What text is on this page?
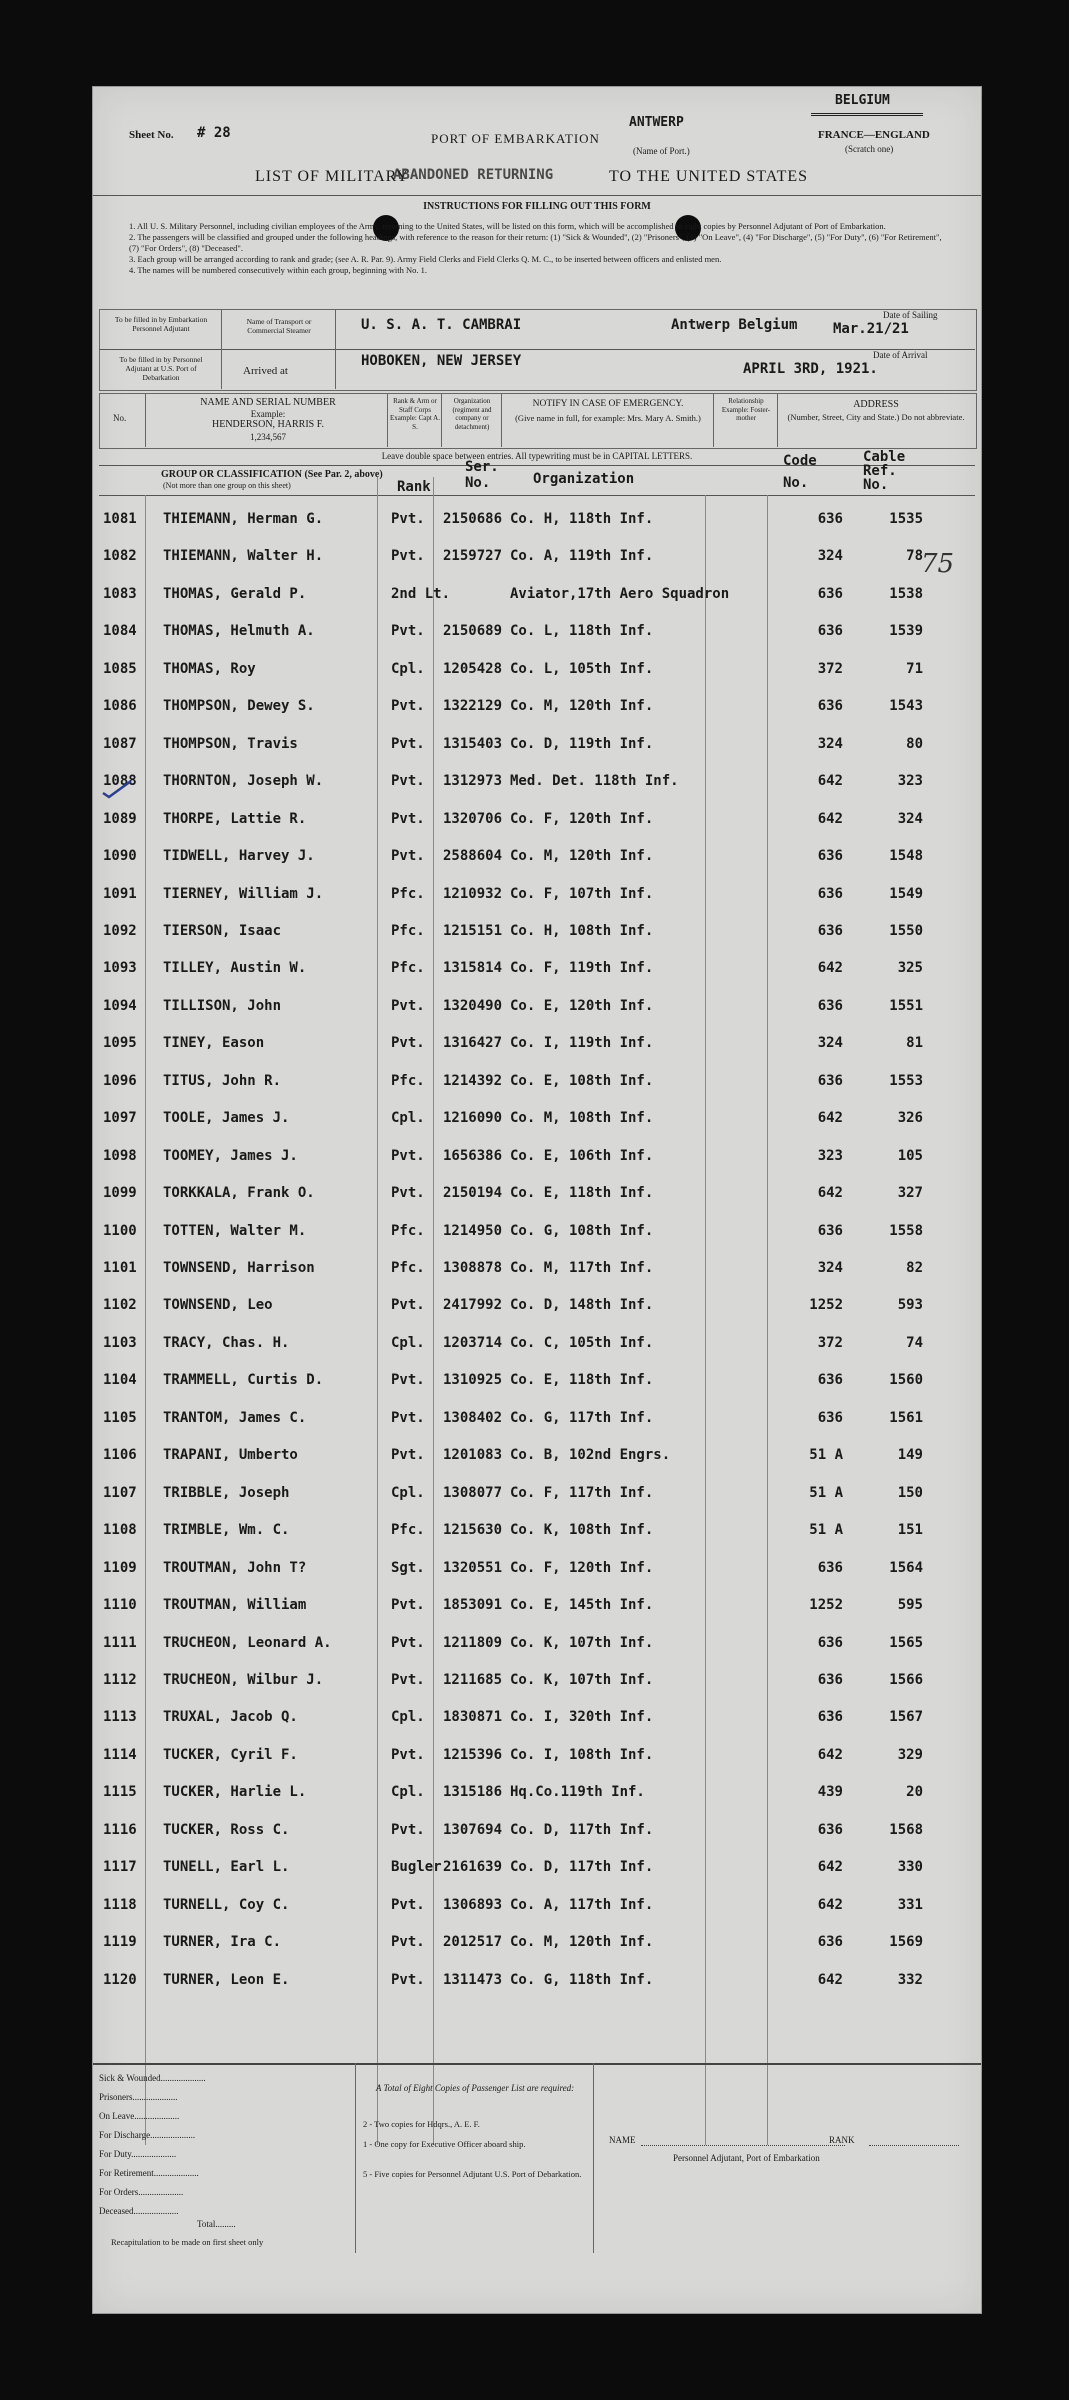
Sheet No. # 28	PORT OF EMBARKATION
ANTWERP
(Name of Port.)
BELGIUM
FRANCE—ENGLAND
(Scratch one)
LIST OF MILITARY
ABANDONED RETURNING	TO THE UNITED STATES
INSTRUCTIONS FOR FILLING OUT THIS FORM
1. All U. S. Military Personnel, including civilian employees of the Army, returning to the United States, will be listed on this form, which will be accomplished in eight copies by Personnel Adjutant of Port of Embarkation.
2. The passengers will be classified and grouped under the following headings, with reference to the reason for their return: (1) "Sick & Wounded", (2) "Prisoners", (3) "On Leave", (4) "For Discharge", (5) "For Duty", (6) "For Retirement", (7) "For Orders", (8) "Deceased".
3. Each group will be arranged according to rank and grade; (see A. R. Par. 9). Army Field Clerks and Field Clerks Q. M. C., to be inserted between officers and enlisted men.
4. The names will be numbered consecutively within each group, beginning with No. 1.
To be filled in by Embarkation Personnel Adjutant
Name of Transport or Commercial Steamer	U. S. A. T. CAMBRAI	Antwerp Belgium
Date of Sailing
Mar.21/21
To be filled in by Personnel Adjutant at U.S. Port of Debarkation
Arrived at
HOBOKEN, NEW JERSEY	Date of Arrival
APRIL 3RD, 1921.
No.
NAME AND SERIAL NUMBER
Example:
HENDERSON, HARRIS F.
1,234,567
Rank & Arm or Staff Corps Example: Capt A. S.
Organization (regiment and company or detachment)
NOTIFY IN CASE OF EMERGENCY.
(Give name in full, for example: Mrs. Mary A. Smith.)
Relationship Example: Foster-mother
ADDRESS
(Number, Street, City and State.) Do not abbreviate.
Leave double space between entries. All typewriting must be in CAPITAL LETTERS.
GROUP OR CLASSIFICATION (See Par. 2, above)
(Not more than one group on this sheet)	Rank
Ser.
No.	Organization
Code
No.
Cable
Ref.
No.
1081 THIEMANN, Herman G.	Pvt. 2150686 Co. H, 118th Inf.	636	1535
1082 THIEMANN, Walter H.	Pvt. 2159727 Co. A, 119th Inf.	324	78
1083 THOMAS, Gerald P.	2nd Lt.	Aviator,17th Aero Squadron	636	1538
1084 THOMAS, Helmuth A.	Pvt. 2150689 Co. L, 118th Inf.	636	1539
1085 THOMAS, Roy	Cpl. 1205428 Co. L, 105th Inf.	372	71
1086 THOMPSON, Dewey S.	Pvt. 1322129 Co. M, 120th Inf.	636	1543
1087 THOMPSON, Travis	Pvt. 1315403 Co. D, 119th Inf.	324	80
1088 THORNTON, Joseph W.	Pvt. 1312973 Med. Det. 118th Inf.	642	323
1089 THORPE, Lattie R.	Pvt. 1320706 Co. F, 120th Inf.	642	324
1090 TIDWELL, Harvey J.	Pvt. 2588604 Co. M, 120th Inf.	636	1548
1091 TIERNEY, William J.	Pfc. 1210932 Co. F, 107th Inf.	636	1549
1092 TIERSON, Isaac	Pfc. 1215151 Co. H, 108th Inf.	636	1550
1093 TILLEY, Austin W.	Pfc. 1315814 Co. F, 119th Inf.	642	325
1094 TILLISON, John	Pvt. 1320490 Co. E, 120th Inf.	636	1551
1095 TINEY, Eason	Pvt. 1316427 Co. I, 119th Inf.	324	81
1096 TITUS, John R.	Pfc. 1214392 Co. E, 108th Inf.	636	1553
1097 TOOLE, James J.	Cpl. 1216090 Co. M, 108th Inf.	642	326
1098 TOOMEY, James J.	Pvt. 1656386 Co. E, 106th Inf.	323	105
1099 TORKKALA, Frank O.	Pvt. 2150194 Co. E, 118th Inf.	642	327
1100 TOTTEN, Walter M.	Pfc. 1214950 Co. G, 108th Inf.	636	1558
1101 TOWNSEND, Harrison	Pfc. 1308878 Co. M, 117th Inf.	324	82
1102 TOWNSEND, Leo	Pvt. 2417992 Co. D, 148th Inf.	1252	593
1103 TRACY, Chas. H.	Cpl. 1203714 Co. C, 105th Inf.	372	74
1104 TRAMMELL, Curtis D.	Pvt. 1310925 Co. E, 118th Inf.	636	1560
1105 TRANTOM, James C.	Pvt. 1308402 Co. G, 117th Inf.	636	1561
1106 TRAPANI, Umberto	Pvt. 1201083 Co. B, 102nd Engrs.	51 A	149
1107 TRIBBLE, Joseph	Cpl. 1308077 Co. F, 117th Inf.	51 A	150
1108 TRIMBLE, Wm. C.	Pfc. 1215630 Co. K, 108th Inf.	51 A	151
1109 TROUTMAN, John T?	Sgt. 1320551 Co. F, 120th Inf.	636	1564
1110 TROUTMAN, William	Pvt. 1853091 Co. E, 145th Inf.	1252	595
1111 TRUCHEON, Leonard A.	Pvt. 1211809 Co. K, 107th Inf.	636	1565
1112 TRUCHEON, Wilbur J.	Pvt. 1211685 Co. K, 107th Inf.	636	1566
1113 TRUXAL, Jacob Q.	Cpl. 1830871 Co. I, 320th Inf.	636	1567
1114 TUCKER, Cyril F.	Pvt. 1215396 Co. I, 108th Inf.	642	329
1115 TUCKER, Harlie L.	Cpl. 1315186 Hq.Co.119th Inf.	439	20
1116 TUCKER, Ross C.	Pvt. 1307694 Co. D, 117th Inf.	636	1568
1117 TUNELL, Earl L.	Bugler 2161639 Co. D, 117th Inf.	642	330
1118 TURNELL, Coy C.	Pvt. 1306893 Co. A, 117th Inf.	642	331
1119 TURNER, Ira C.	Pvt. 2012517 Co. M, 120th Inf.	636	1569
1120 TURNER, Leon E.	Pvt. 1311473 Co. G, 118th Inf.	642	332
75
Sick & Wounded....................
Prisoners....................
On Leave....................
For Discharge....................
For Duty....................
For Retirement....................
For Orders....................
Deceased....................
Total.........
Recapitulation to be made on first sheet only
A Total of Eight Copies of Passenger List are required:
2 - Two copies for Hdqrs., A. E. F.
1 - One copy for Executive Officer aboard ship.
5 - Five copies for Personnel Adjutant U.S. Port of Debarkation.
NAME	RANK
Personnel Adjutant, Port of Embarkation
